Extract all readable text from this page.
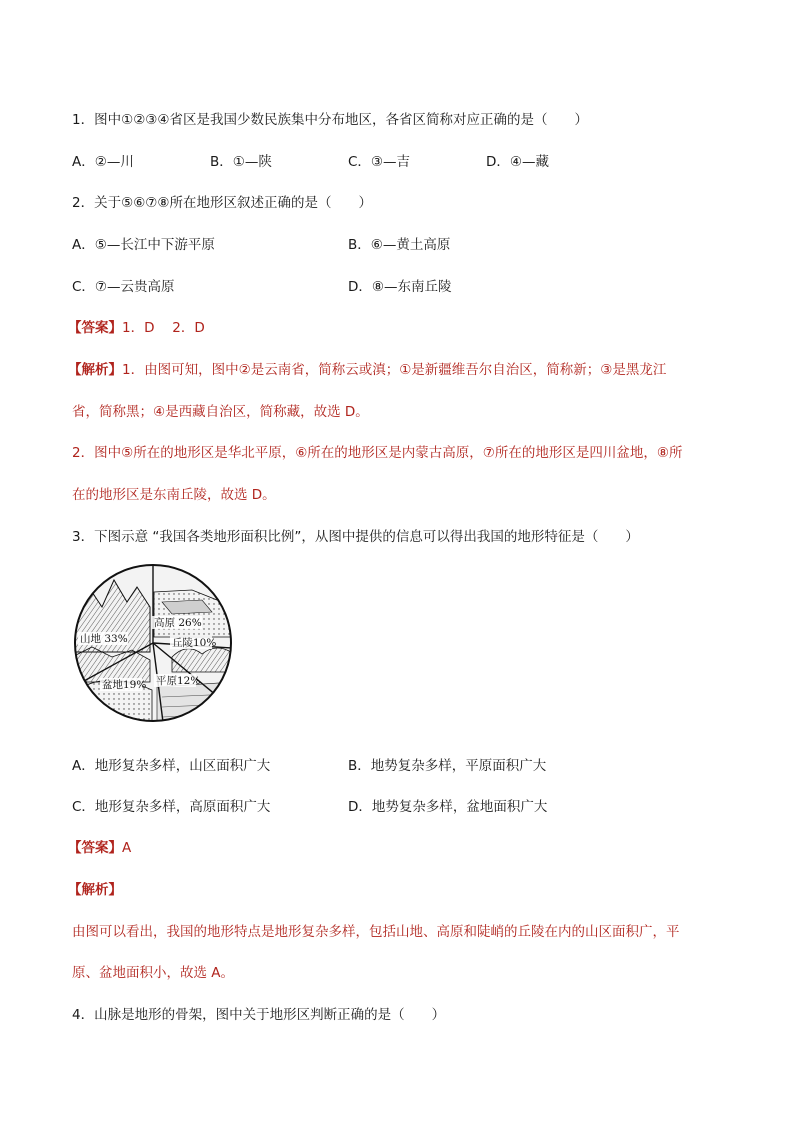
1．图中①②③④省区是我国少数民族集中分布地区，各省区简称对应正确的是（　　）
A．②—川	B．①—陕	C．③—吉	D．④—藏
2．关于⑤⑥⑦⑧所在地形区叙述正确的是（　　）
A．⑤—长江中下游平原	B．⑥—黄土高原
C．⑦—云贵高原	D．⑧—东南丘陵
【答案】1．D　 2．D
【解析】1．由图可知，图中②是云南省，简称云或滇；①是新疆维吾尔自治区，简称新；③是黑龙江
省，简称黑；④是西藏自治区，简称藏，故选 D。
2．图中⑤所在的地形区是华北平原，⑥所在的地形区是内蒙古高原，⑦所在的地形区是四川盆地，⑧所
在的地形区是东南丘陵，故选 D。
3．下图示意 “我国各类地形面积比例”，从图中提供的信息可以得出我国的地形特征是（　　）
高原 26%
丘陵10%
平原12%
盆地19%
山地 33%
A．地形复杂多样，山区面积广大	B．地势复杂多样，平原面积广大
C．地形复杂多样，高原面积广大	D．地势复杂多样，盆地面积广大
【答案】A
【解析】
由图可以看出，我国的地形特点是地形复杂多样，包括山地、高原和陡峭的丘陵在内的山区面积广，平
原、盆地面积小，故选 A。
4．山脉是地形的骨架，图中关于地形区判断正确的是（　　）
